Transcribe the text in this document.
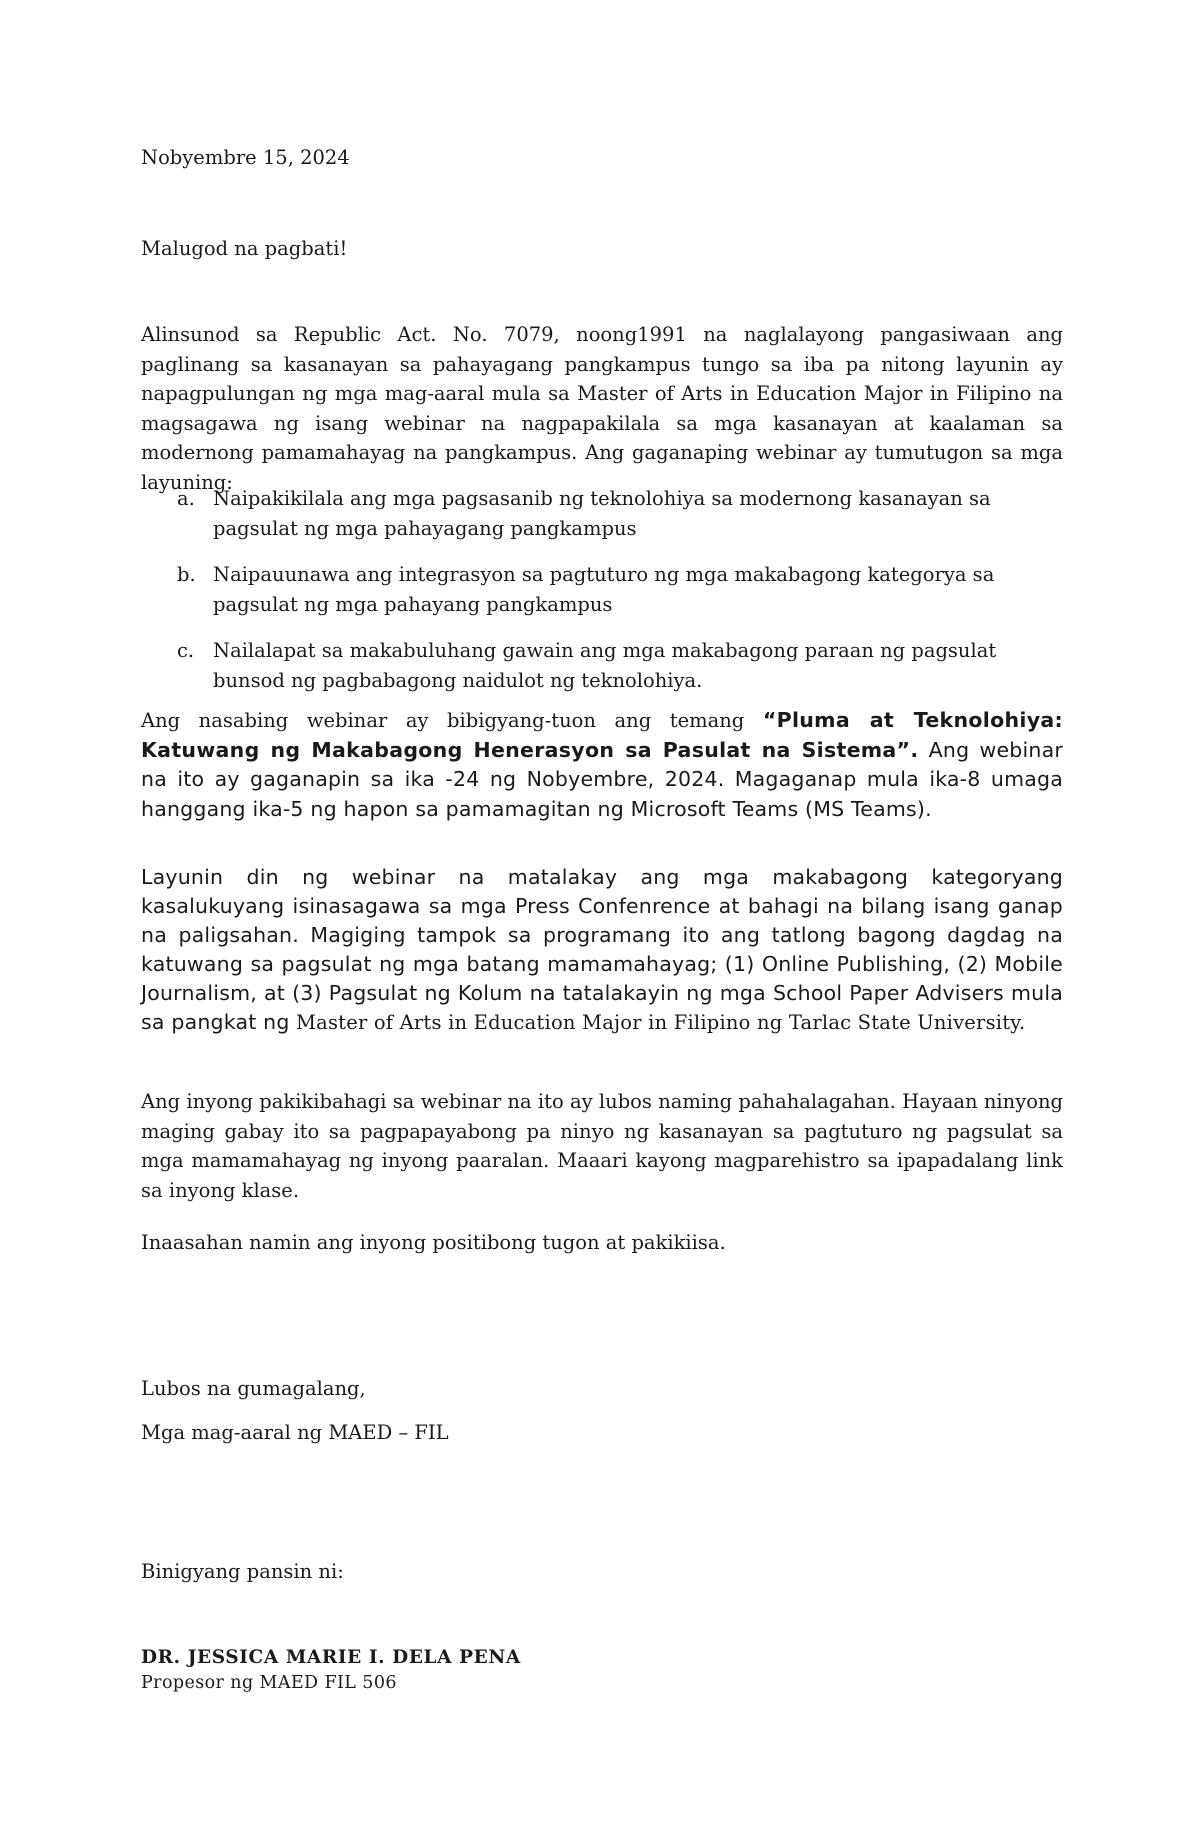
Nobyembre 15, 2024

Malugod na pagbati!

Alinsunod sa Republic Act. No. 7079, noong1991 na naglalayong pangasiwaan ang paglinang sa kasanayan sa pahayagang pangkampus tungo sa iba pa nitong layunin ay napagpulungan ng mga mag-aaral mula sa Master of Arts in Education Major in Filipino na magsagawa ng isang webinar na nagpapakilala sa mga kasanayan at kaalaman sa modernong pamamahayag na pangkampus. Ang gaganaping webinar ay tumutugon sa mga layuning:

a. Naipakikilala ang mga pagsasanib ng teknolohiya sa modernong kasanayan sa pagsulat ng mga pahayagang pangkampus
b. Naipauunawa ang integrasyon sa pagtuturo ng mga makabagong kategorya sa pagsulat ng mga pahayang pangkampus
c. Nailalapat sa makabuluhang gawain ang mga makabagong paraan ng pagsulat bunsod ng pagbabagong naidulot ng teknolohiya.

Ang nasabing webinar ay bibigyang-tuon ang temang “Pluma at Teknolohiya: Katuwang ng Makabagong Henerasyon sa Pasulat na Sistema”. Ang webinar na ito ay gaganapin sa ika -24 ng Nobyembre, 2024. Magaganap mula ika-8 umaga hanggang ika-5 ng hapon sa pamamagitan ng Microsoft Teams (MS Teams).

Layunin din ng webinar na matalakay ang mga makabagong kategoryang kasalukuyang isinasagawa sa mga Press Confenrence at bahagi na bilang isang ganap na paligsahan. Magiging tampok sa programang ito ang tatlong bagong dagdag na katuwang sa pagsulat ng mga batang mamamahayag; (1) Online Publishing, (2) Mobile Journalism, at (3) Pagsulat ng Kolum na tatalakayin ng mga School Paper Advisers mula sa pangkat ng Master of Arts in Education Major in Filipino ng Tarlac State University.

Ang inyong pakikibahagi sa webinar na ito ay lubos naming pahahalagahan. Hayaan ninyong maging gabay ito sa pagpapayabong pa ninyo ng kasanayan sa pagtuturo ng pagsulat sa mga mamamahayag ng inyong paaralan. Maaari kayong magparehistro sa ipapadalang link sa inyong klase.

Inaasahan namin ang inyong positibong tugon at pakikiisa.

Lubos na gumagalang,

Mga mag-aaral ng MAED – FIL

Binigyang pansin ni:

DR. JESSICA MARIE I. DELA PENA

Propesor ng MAED FIL 506
